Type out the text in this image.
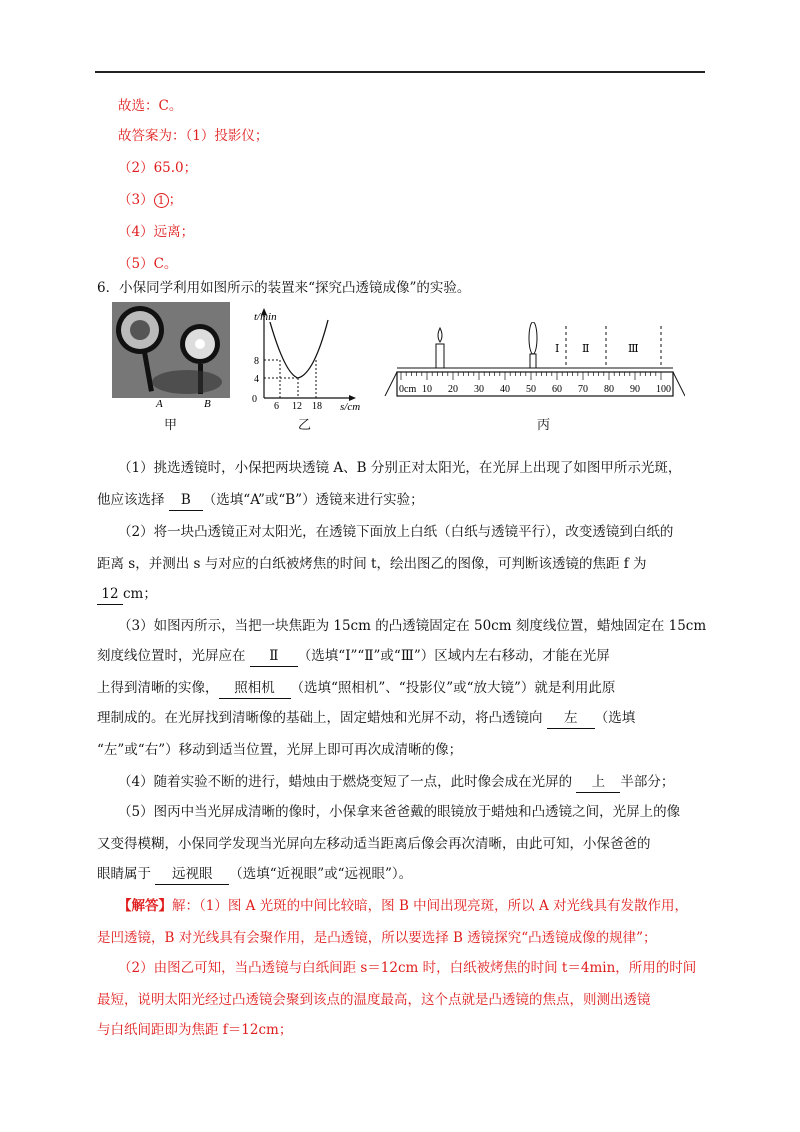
故选：C。
故答案为：（1）投影仪；
（2）65.0；
（3） 1 ；
（4）远离；
（5）C。
6．小保同学利用如图所示的装置来“探究凸透镜成像”的实验。
A	B
甲
t/min
s/cm
0
8
4
6 12 18
乙
Ⅰ Ⅱ	Ⅲ
0cm 10 20 30 40 50 60 70 80 90 100
丙
（1）挑选透镜时，小保把两块透镜 A、B 分别正对太阳光，在光屏上出现了如图甲所示光斑，
他应该选择 B （选填“A”或“B”）透镜来进行实验；
（2）将一块凸透镜正对太阳光，在透镜下面放上白纸（白纸与透镜平行），改变透镜到白纸的
距离 s，并测出 s 与对应的白纸被烤焦的时间 t，绘出图乙的图像，可判断该透镜的焦距 f 为
12 cm；
（3）如图丙所示，当把一块焦距为 15cm 的凸透镜固定在 50cm 刻度线位置，蜡烛固定在 15cm
刻度线位置时，光屏应在 Ⅱ （选填“Ⅰ”“Ⅱ”或“Ⅲ”）区域内左右移动，才能在光屏
上得到清晰的实像， 照相机 （选填“照相机”、“投影仪”或“放大镜”）就是利用此原
理制成的。在光屏找到清晰像的基础上，固定蜡烛和光屏不动，将凸透镜向 左 （选填
“左”或“右”）移动到适当位置，光屏上即可再次成清晰的像；
（4）随着实验不断的进行，蜡烛由于燃烧变短了一点，此时像会成在光屏的 上 半部分；
（5）图丙中当光屏成清晰的像时，小保拿来爸爸戴的眼镜放于蜡烛和凸透镜之间，光屏上的像
又变得模糊，小保同学发现当光屏向左移动适当距离后像会再次清晰，由此可知，小保爸爸的
眼睛属于 远视眼 （选填“近视眼”或“远视眼”）。
【解答】解：（1）图 A 光斑的中间比较暗，图 B 中间出现亮斑，所以 A 对光线具有发散作用，
是凹透镜，B 对光线具有会聚作用，是凸透镜，所以要选择 B 透镜探究“凸透镜成像的规律”；
（2）由图乙可知，当凸透镜与白纸间距 s＝12cm 时，白纸被烤焦的时间 t＝4min，所用的时间
最短，说明太阳光经过凸透镜会聚到该点的温度最高，这个点就是凸透镜的焦点，则测出透镜
与白纸间距即为焦距 f＝12cm；
